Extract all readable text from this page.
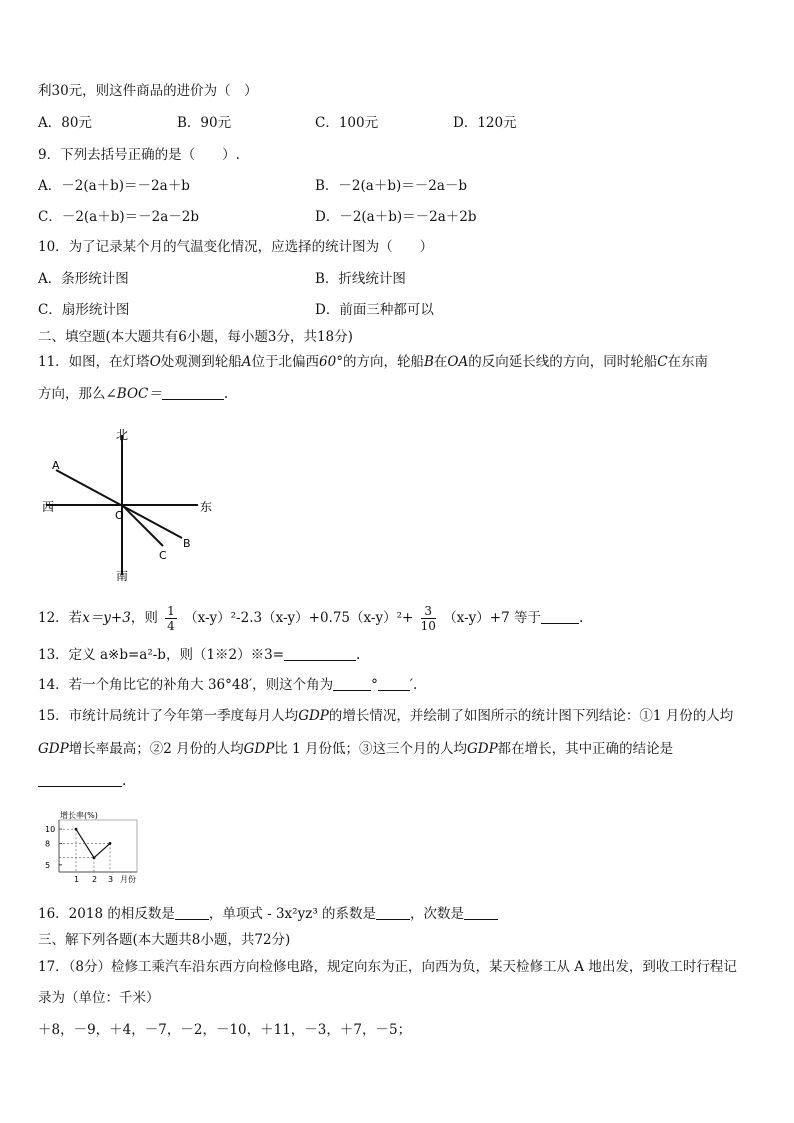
利30元，则这件商品的进价为（　）
A．80元	B．90元	C．100元	D．120元
9．下列去括号正确的是（　　）.
A．－2(a＋b)＝－2a＋b	B．－2(a＋b)＝－2a－b
C．－2(a＋b)＝－2a－2b	D．－2(a＋b)＝－2a＋2b
10．为了记录某个月的气温变化情况，应选择的统计图为（　　）
A．条形统计图	B．折线统计图
C．扇形统计图	D．前面三种都可以
二、填空题(本大题共有6小题，每小题3分，共18分)
11．如图，在灯塔O处观测到轮船A位于北偏西60°的方向，轮船B在OA的反向延长线的方向，同时轮船C在东南
方向，那么∠BOC＝	.
北
南
西	东
O
A
B
C
12．若x＝y+3，则 $\frac{1}{4} (x-y)^2-2.3(x-y)+0.75(x-y)^2+ \frac{3}{10} (x-y)+7$ 等于	.
13．定义 a※b=a²-b，则（1※2）※3=	.
14．若一个角比它的补角大 36°48′，则这个角为	° ′.
15．市统计局统计了今年第一季度每月人均GDP的增长情况，并绘制了如图所示的统计图下列结论：①1 月份的人均
GDP增长率最高；②2 月份的人均GDP比 1 月份低；③这三个月的人均GDP都在增长，其中正确的结论是
.
增长率(%)
月份
10
8
5
1 2 3
16．2018 的相反数是	，单项式 - 3x²yz³ 的系数是	，次数是
三、解下列各题(本大题共8小题，共72分)
17．（8分）检修工乘汽车沿东西方向检修电路，规定向东为正，向西为负，某天检修工从 A 地出发，到收工时行程记
录为（单位：千米）
＋8，－9，＋4，－7，－2，－10，＋11，－3，＋7，－5；
